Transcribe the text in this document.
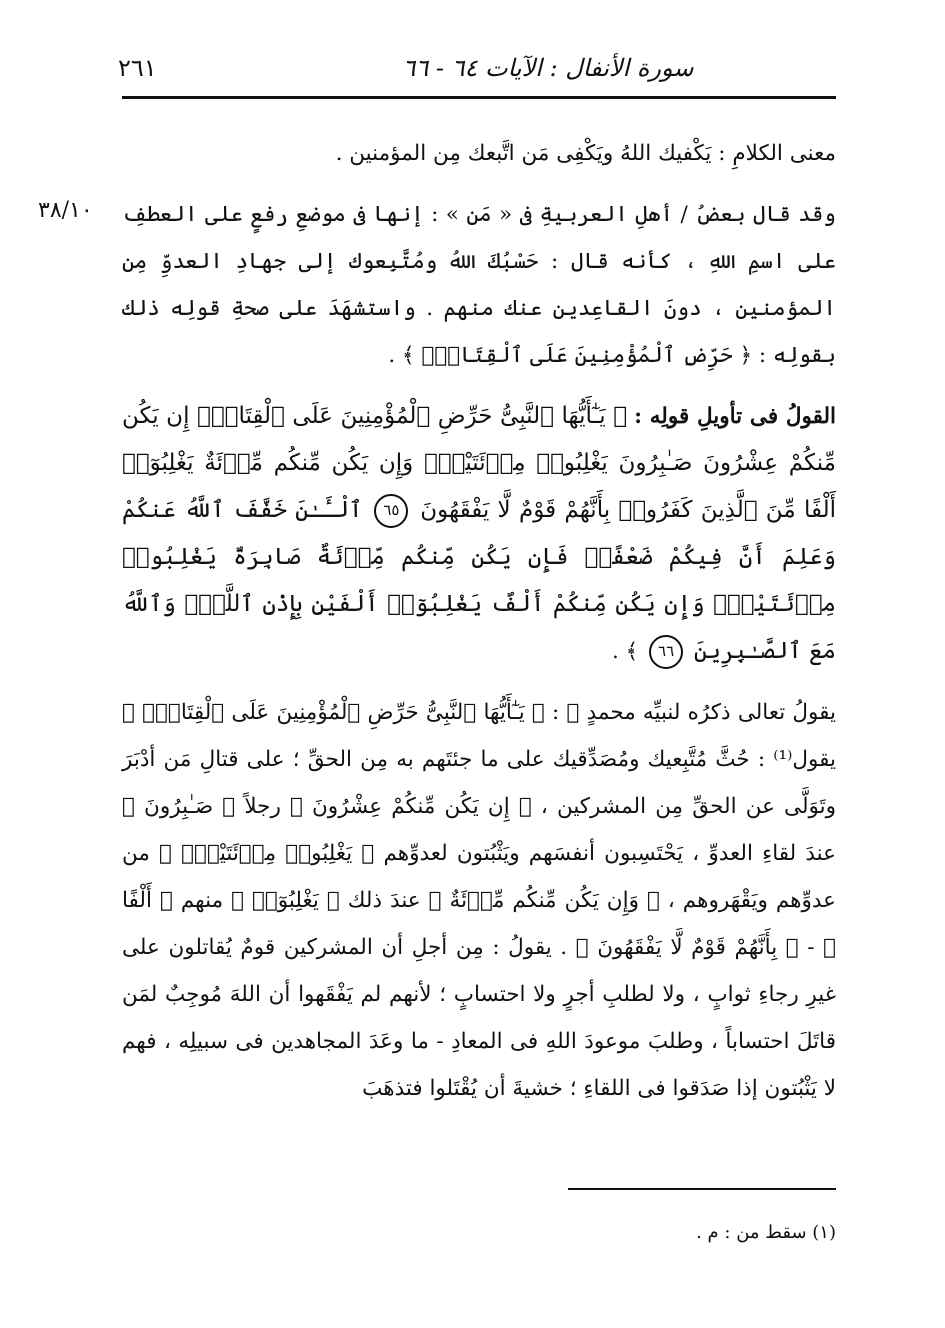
سورة الأنفال : الآيات ٦٤ - ٦٦
٢٦١
٣٨/١٠

معنى الكلامِ : يَكْفيك اللهُ ويَكْفِى مَن اتَّبعك مِن المؤمنين .

وقد قال بعضُ / أهلِ العربيةِ فى « مَن » : إنها فى موضعِ رفعٍ على العطفِ على اسمِ اللهِ ، كأنه قال : حَسْبُكَ اللهُ ومُتَّبِعوك إلى جهادِ العدوِّ مِن المؤمنين ، دونَ القاعِدين عنك منهم . واستشهَدَ على صحةِ قولِه ذلك بقولِه : ﴿ حَرِّضِ ٱلْمُؤْمِنِينَ عَلَى ٱلْقِتَالِۚ ﴾ .

القولُ فى تأويلِ قولِه : ﴿ يَـٰٓأَيُّهَا ٱلنَّبِىُّ حَرِّضِ ٱلْمُؤْمِنِينَ عَلَى ٱلْقِتَالِۚ إِن يَكُن مِّنكُمْ عِشْرُونَ صَـٰبِرُونَ يَغْلِبُوا۟ مِا۟ئَتَيْنِۚ وَإِن يَكُن مِّنكُم مِّا۟ئَةٌ يَغْلِبُوٓا۟ أَلْفًا مِّنَ ٱلَّذِينَ كَفَرُوا۟ بِأَنَّهُمْ قَوْمٌ لَّا يَفْقَهُونَ ٦٥ ٱلْـَٔـٰنَ خَفَّفَ ٱللَّهُ عَنكُمْ وَعَلِمَ أَنَّ فِيكُمْ ضَعْفًاۚ فَإِن يَكُن مِّنكُم مِّا۟ئَةٌ صَابِرَةٌ يَغْلِبُوا۟ مِا۟ئَتَيْنِۚ وَإِن يَكُن مِّنكُمْ أَلْفٌ يَغْلِبُوٓا۟ أَلْفَيْنِ بِإِذْنِ ٱللَّهِۗ وَٱللَّهُ مَعَ ٱلصَّـٰبِرِينَ ٦٦ ﴾ .

يقولُ تعالى ذكرُه لنبيِّه محمدٍ ﷺ : ﴿ يَـٰٓأَيُّهَا ٱلنَّبِىُّ حَرِّضِ ٱلْمُؤْمِنِينَ عَلَى ٱلْقِتَالِۚ ﴾ يقول⁽¹⁾ : حُثَّ مُتَّبِعيك ومُصَدِّقيك على ما جئتَهم به مِن الحقِّ ؛ على قتالِ مَن أدْبَرَ وتَوَلَّى عن الحقِّ مِن المشركين ، ﴿ إِن يَكُن مِّنكُمْ عِشْرُونَ ﴾ رجلاً ﴿ صَـٰبِرُونَ ﴾ عندَ لقاءِ العدوِّ ، يَحْتَسِبون أنفسَهم ويَثْبُتون لعدوِّهم ﴿ يَغْلِبُوا۟ مِا۟ئَتَيْنِۚ ﴾ من عدوِّهم ويَقْهَروهم ، ﴿ وَإِن يَكُن مِّنكُم مِّا۟ئَةٌ ﴾ عندَ ذلك ﴿ يَغْلِبُوٓا۟ ﴾ منهم ﴿ أَلْفًا ﴾ - ﴿ بِأَنَّهُمْ قَوْمٌ لَّا يَفْقَهُونَ ﴾ . يقولُ : مِن أجلِ أن المشركين قومٌ يُقاتلون على غيرِ رجاءِ ثوابٍ ، ولا لطلبِ أجرٍ ولا احتسابٍ ؛ لأنهم لم يَفْقَهوا أن اللهَ مُوجِبٌ لمَن قاتَلَ احتساباً ، وطلبَ موعودَ اللهِ فى المعادِ - ما وعَدَ المجاهدين فى سبيلِه ، فهم لا يَثْبُتون إذا صَدَقوا فى اللقاءِ ؛ خشيةَ أن يُقْتَلوا فتذهَبَ

(١) سقط من : م .
